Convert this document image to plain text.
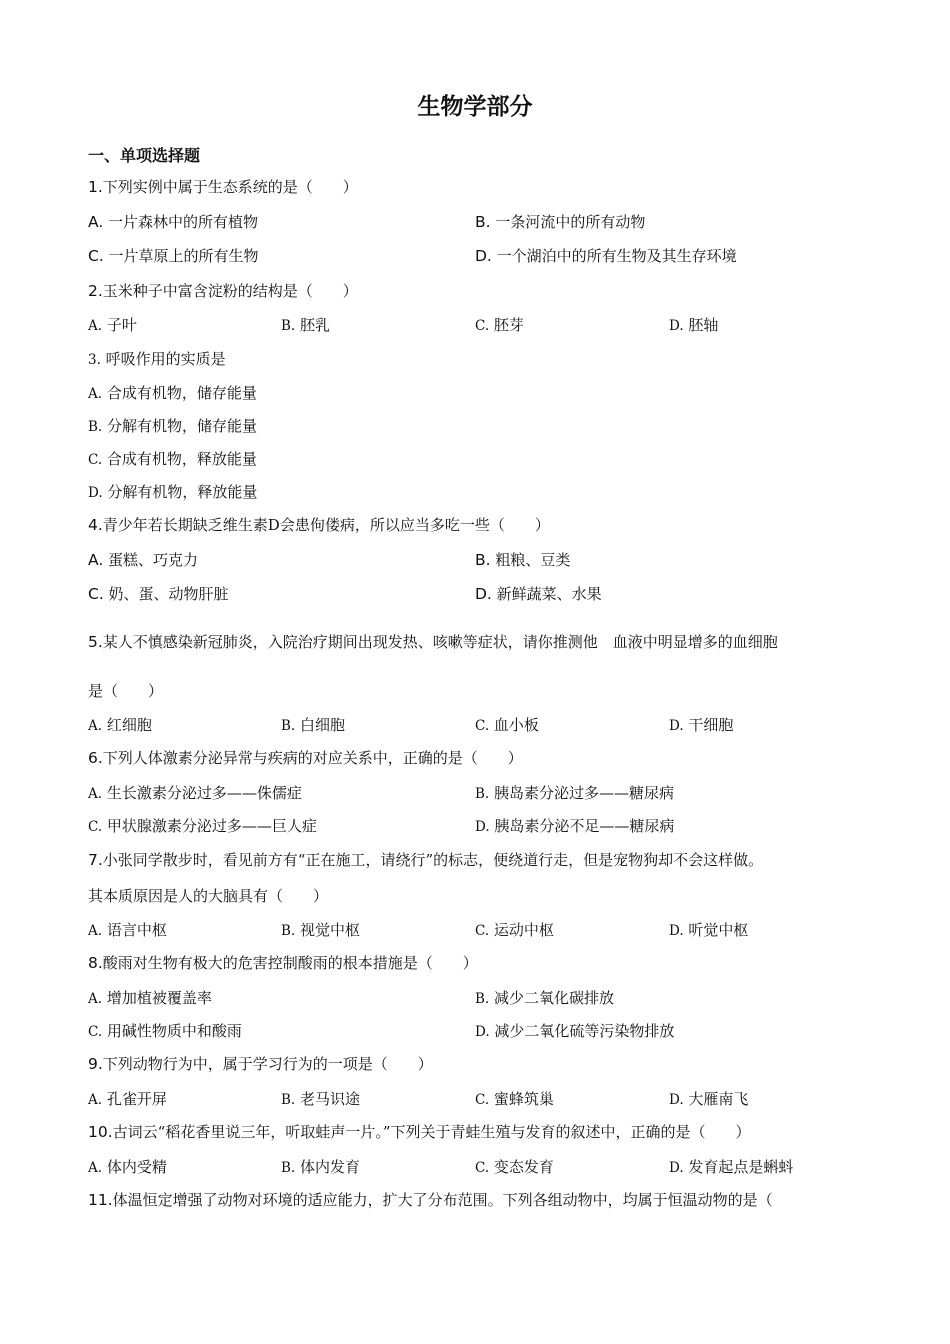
生物学部分
一、单项选择题
1.下列实例中属于生态系统的是（　　）
A. 一片森林中的所有植物	B. 一条河流中的所有动物
C. 一片草原上的所有生物	D. 一个湖泊中的所有生物及其生存环境
2.玉米种子中富含淀粉的结构是（　　）
A. 子叶	B. 胚乳	C. 胚芽	D. 胚轴
3. 呼吸作用的实质是
A. 合成有机物，储存能量
B. 分解有机物，储存能量
C. 合成有机物，释放能量
D. 分解有机物，释放能量
4.青少年若长期缺乏维生素D会患佝偻病，所以应当多吃一些（　　）
A. 蛋糕、巧克力	B. 粗粮、豆类
C. 奶、蛋、动物肝脏	D. 新鲜蔬菜、水果
5.某人不慎感染新冠肺炎，入院治疗期间出现发热、咳嗽等症状，请你推测他　血液中明显增多的血细胞
是（　　）
A. 红细胞	B. 白细胞	C. 血小板	D. 干细胞
6.下列人体激素分泌异常与疾病的对应关系中，正确的是（　　）
A. 生长激素分泌过多——侏儒症	B. 胰岛素分泌过多——糖尿病
C. 甲状腺激素分泌过多——巨人症	D. 胰岛素分泌不足——糖尿病
7.小张同学散步时，看见前方有“正在施工，请绕行”的标志，便绕道行走，但是宠物狗却不会这样做。
其本质原因是人的大脑具有（　　）
A. 语言中枢	B. 视觉中枢	C. 运动中枢	D. 听觉中枢
8.酸雨对生物有极大的危害控制酸雨的根本措施是（　　）
A. 增加植被覆盖率	B. 减少二氧化碳排放
C. 用碱性物质中和酸雨	D. 减少二氧化硫等污染物排放
9.下列动物行为中，属于学习行为的一项是（　　）
A. 孔雀开屏	B. 老马识途	C. 蜜蜂筑巢	D. 大雁南飞
10.古词云“稻花香里说三年，听取蛙声一片。”下列关于青蛙生殖与发育的叙述中，正确的是（　　）
A. 体内受精	B. 体内发育	C. 变态发育	D. 发育起点是蝌蚪
11.体温恒定增强了动物对环境的适应能力，扩大了分布范围。下列各组动物中，均属于恒温动物的是（
